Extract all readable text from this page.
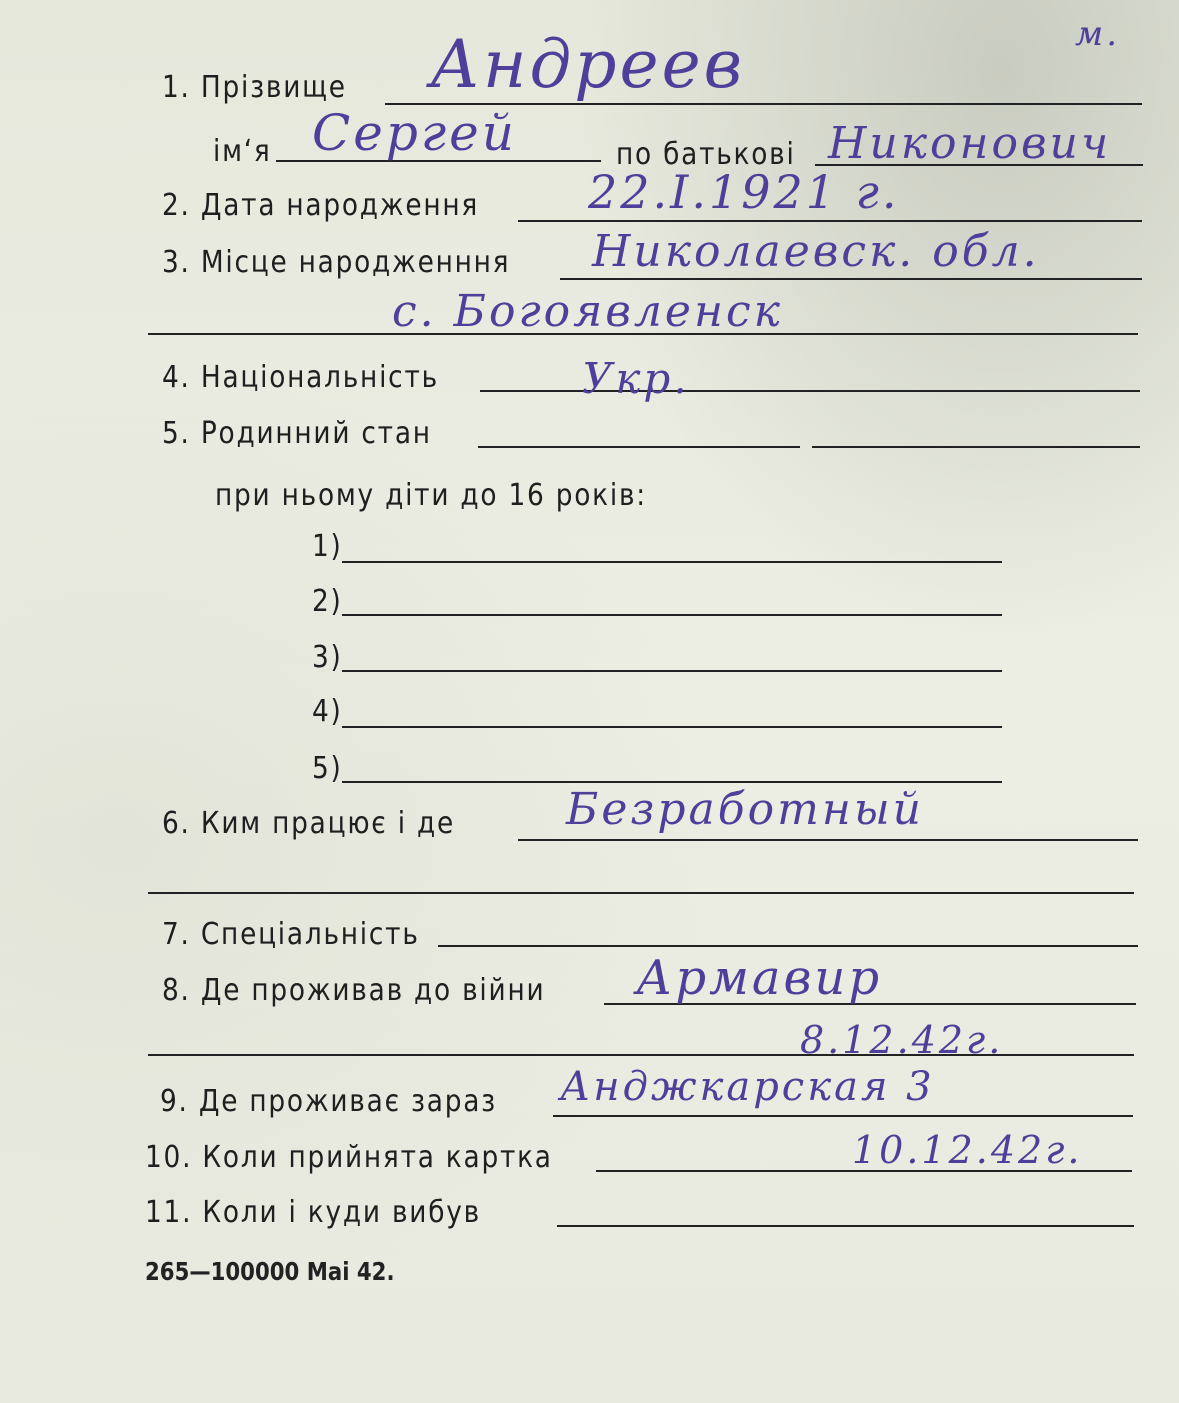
м.
1. Прізвище Андреев
ім‘я Сергей	по батькові Никонович
2. Дата народження 22.I.1921 г.
3. Місце народженння Николаевск. обл.
с. Богоявленск
4. Національність	Укр.
5. Родинний стан
при ньому діти до 16 років:
1)
2)
3)
4)
5)
6. Ким працює і де	Безработный
7. Спеціальність
8. Де проживав до війни Армавир
8.12.42г.
9. Де проживає зараз Анджкарская 3
10. Коли прийнята картка	10.12.42г.
11. Коли і куди вибув
265—100000 Маі 42.
